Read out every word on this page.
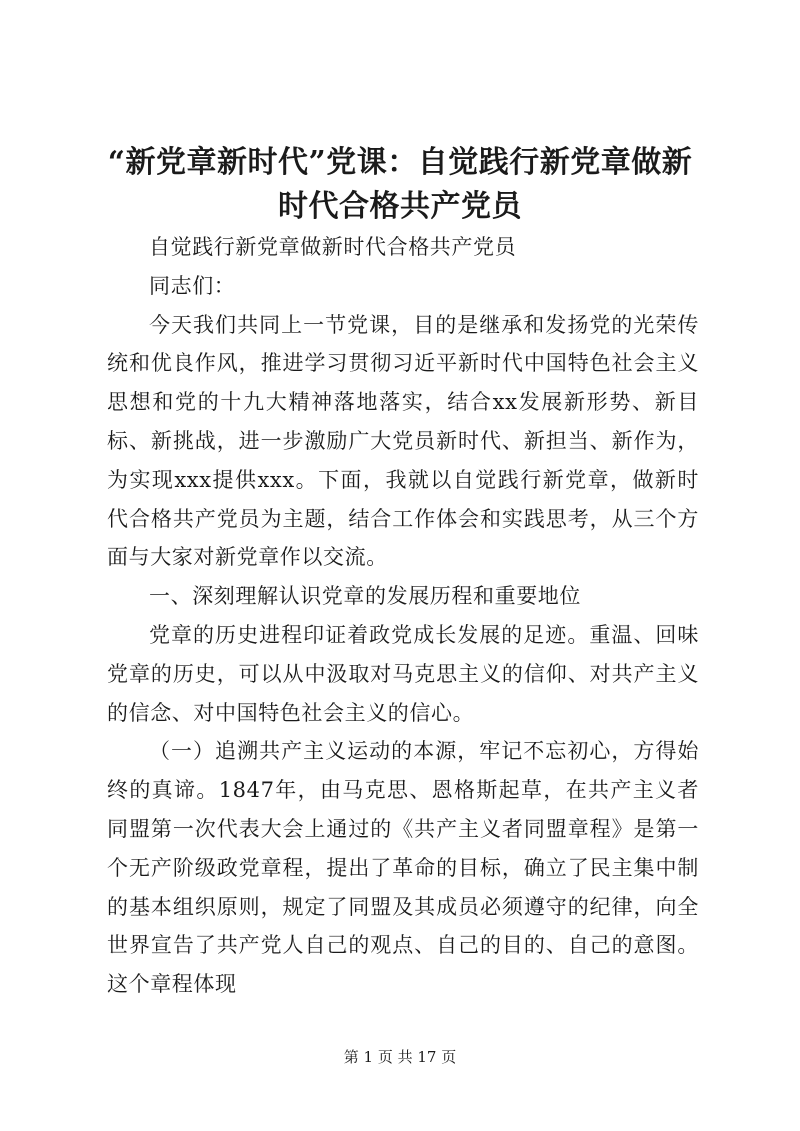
“新党章新时代”党课：自觉践行新党章做新时代合格共产党员

自觉践行新党章做新时代合格共产党员

同志们：

今天我们共同上一节党课，目的是继承和发扬党的光荣传统和优良作风，推进学习贯彻习近平新时代中国特色社会主义思想和党的十九大精神落地落实，结合xx发展新形势、新目标、新挑战，进一步激励广大党员新时代、新担当、新作为，为实现xxx提供xxx。下面，我就以自觉践行新党章，做新时代合格共产党员为主题，结合工作体会和实践思考，从三个方面与大家对新党章作以交流。

一、深刻理解认识党章的发展历程和重要地位

党章的历史进程印证着政党成长发展的足迹。重温、回味党章的历史，可以从中汲取对马克思主义的信仰、对共产主义的信念、对中国特色社会主义的信心。

（一）追溯共产主义运动的本源，牢记不忘初心，方得始终的真谛。1847年，由马克思、恩格斯起草，在共产主义者同盟第一次代表大会上通过的《共产主义者同盟章程》是第一个无产阶级政党章程，提出了革命的目标，确立了民主集中制的基本组织原则，规定了同盟及其成员必须遵守的纪律，向全世界宣告了共产党人自己的观点、自己的目的、自己的意图。这个章程体现

第 1 页 共 17 页
